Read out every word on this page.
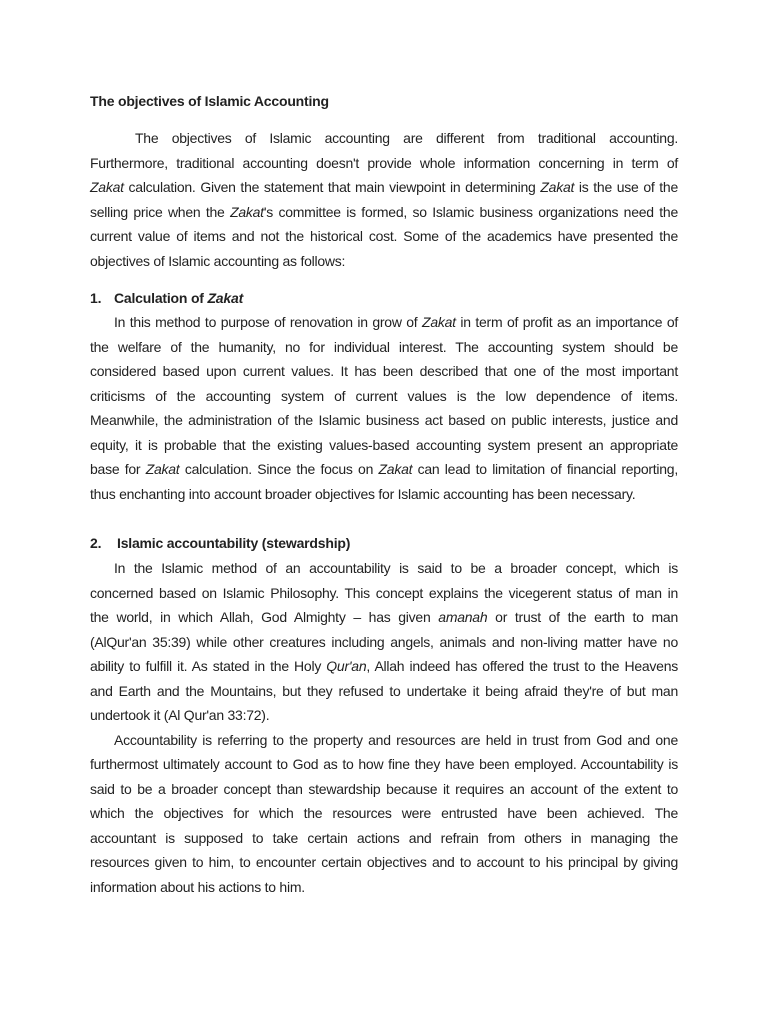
The objectives of Islamic Accounting
The objectives of Islamic accounting are different from traditional accounting.
Furthermore, traditional accounting doesn't provide whole information concerning in term of
Zakat calculation. Given the statement that main viewpoint in determining Zakat is the use of the
selling price when the Zakat's committee is formed, so Islamic business organizations need the
current value of items and not the historical cost. Some of the academics have presented the
objectives of Islamic accounting as follows:
1. Calculation of Zakat
In this method to purpose of renovation in grow of Zakat in term of profit as an importance of
the welfare of the humanity, no for individual interest. The accounting system should be
considered based upon current values. It has been described that one of the most important
criticisms of the accounting system of current values is the low dependence of items.
Meanwhile, the administration of the Islamic business act based on public interests, justice and
equity, it is probable that the existing values-based accounting system present an appropriate
base for Zakat calculation. Since the focus on Zakat can lead to limitation of financial reporting,
thus enchanting into account broader objectives for Islamic accounting has been necessary.
2. Islamic accountability (stewardship)
In the Islamic method of an accountability is said to be a broader concept, which is
concerned based on Islamic Philosophy. This concept explains the vicegerent status of man in
the world, in which Allah, God Almighty – has given amanah or trust of the earth to man
(AlQur'an 35:39) while other creatures including angels, animals and non-living matter have no
ability to fulfill it. As stated in the Holy Qur'an, Allah indeed has offered the trust to the Heavens
and Earth and the Mountains, but they refused to undertake it being afraid they're of but man
undertook it (Al Qur'an 33:72).
Accountability is referring to the property and resources are held in trust from God and one
furthermost ultimately account to God as to how fine they have been employed. Accountability is
said to be a broader concept than stewardship because it requires an account of the extent to
which the objectives for which the resources were entrusted have been achieved. The
accountant is supposed to take certain actions and refrain from others in managing the
resources given to him, to encounter certain objectives and to account to his principal by giving
information about his actions to him.
